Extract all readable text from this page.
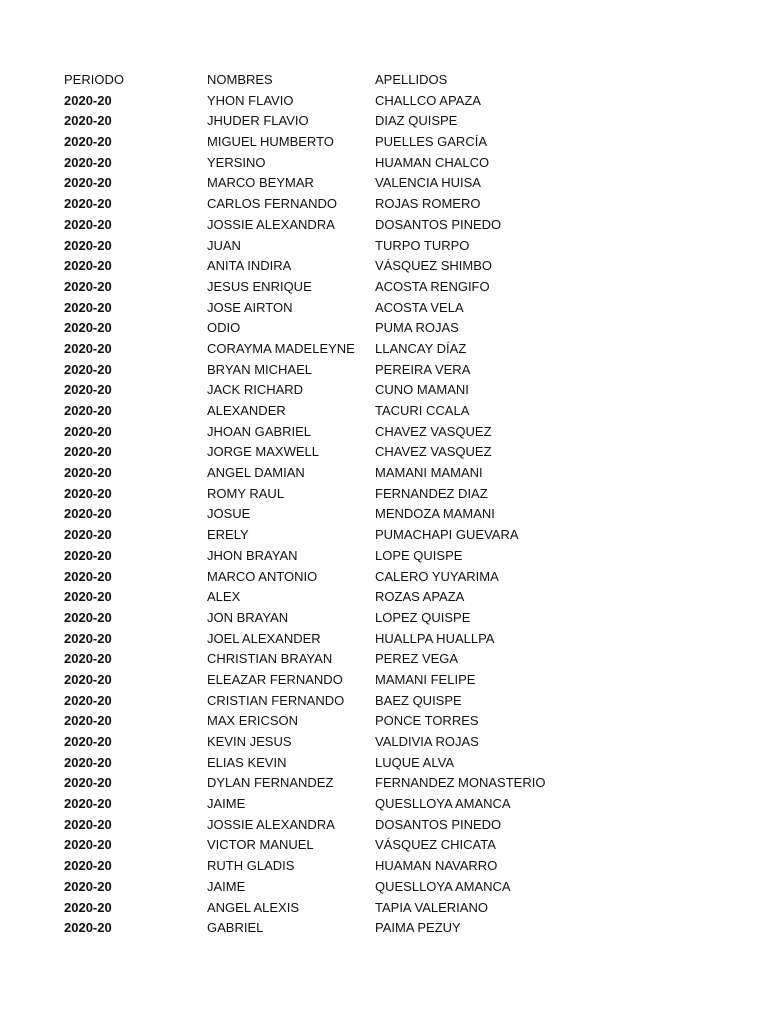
PERIODO	NOMBRES	APELLIDOS
2020-20	YHON FLAVIO	CHALLCO APAZA
2020-20	JHUDER FLAVIO	DIAZ QUISPE
2020-20	MIGUEL HUMBERTO	PUELLES GARCÍA
2020-20	YERSINO	HUAMAN CHALCO
2020-20	MARCO BEYMAR	VALENCIA HUISA
2020-20	CARLOS FERNANDO	ROJAS ROMERO
2020-20	JOSSIE ALEXANDRA	DOSANTOS PINEDO
2020-20	JUAN	TURPO TURPO
2020-20	ANITA INDIRA	VÁSQUEZ SHIMBO
2020-20	JESUS ENRIQUE	ACOSTA RENGIFO
2020-20	JOSE AIRTON	ACOSTA VELA
2020-20	ODIO	PUMA ROJAS
2020-20	CORAYMA MADELEYNE	LLANCAY DÍAZ
2020-20	BRYAN MICHAEL	PEREIRA VERA
2020-20	JACK RICHARD	CUNO MAMANI
2020-20	ALEXANDER	TACURI CCALA
2020-20	JHOAN GABRIEL	CHAVEZ VASQUEZ
2020-20	JORGE MAXWELL	CHAVEZ VASQUEZ
2020-20	ANGEL DAMIAN	MAMANI MAMANI
2020-20	ROMY RAUL	FERNANDEZ DIAZ
2020-20	JOSUE	MENDOZA MAMANI
2020-20	ERELY	PUMACHAPI GUEVARA
2020-20	JHON BRAYAN	LOPE QUISPE
2020-20	MARCO ANTONIO	CALERO YUYARIMA
2020-20	ALEX	ROZAS APAZA
2020-20	JON BRAYAN	LOPEZ QUISPE
2020-20	JOEL ALEXANDER	HUALLPA HUALLPA
2020-20	CHRISTIAN BRAYAN	PEREZ VEGA
2020-20	ELEAZAR FERNANDO	MAMANI FELIPE
2020-20	CRISTIAN FERNANDO	BAEZ QUISPE
2020-20	MAX ERICSON	PONCE TORRES
2020-20	KEVIN JESUS	VALDIVIA ROJAS
2020-20	ELIAS KEVIN	LUQUE ALVA
2020-20	DYLAN FERNANDEZ	FERNANDEZ MONASTERIO
2020-20	JAIME	QUESLLOYA AMANCA
2020-20	JOSSIE ALEXANDRA	DOSANTOS PINEDO
2020-20	VICTOR MANUEL	VÁSQUEZ CHICATA
2020-20	RUTH GLADIS	HUAMAN NAVARRO
2020-20	JAIME	QUESLLOYA AMANCA
2020-20	ANGEL ALEXIS	TAPIA VALERIANO
2020-20	GABRIEL	PAIMA PEZUY
